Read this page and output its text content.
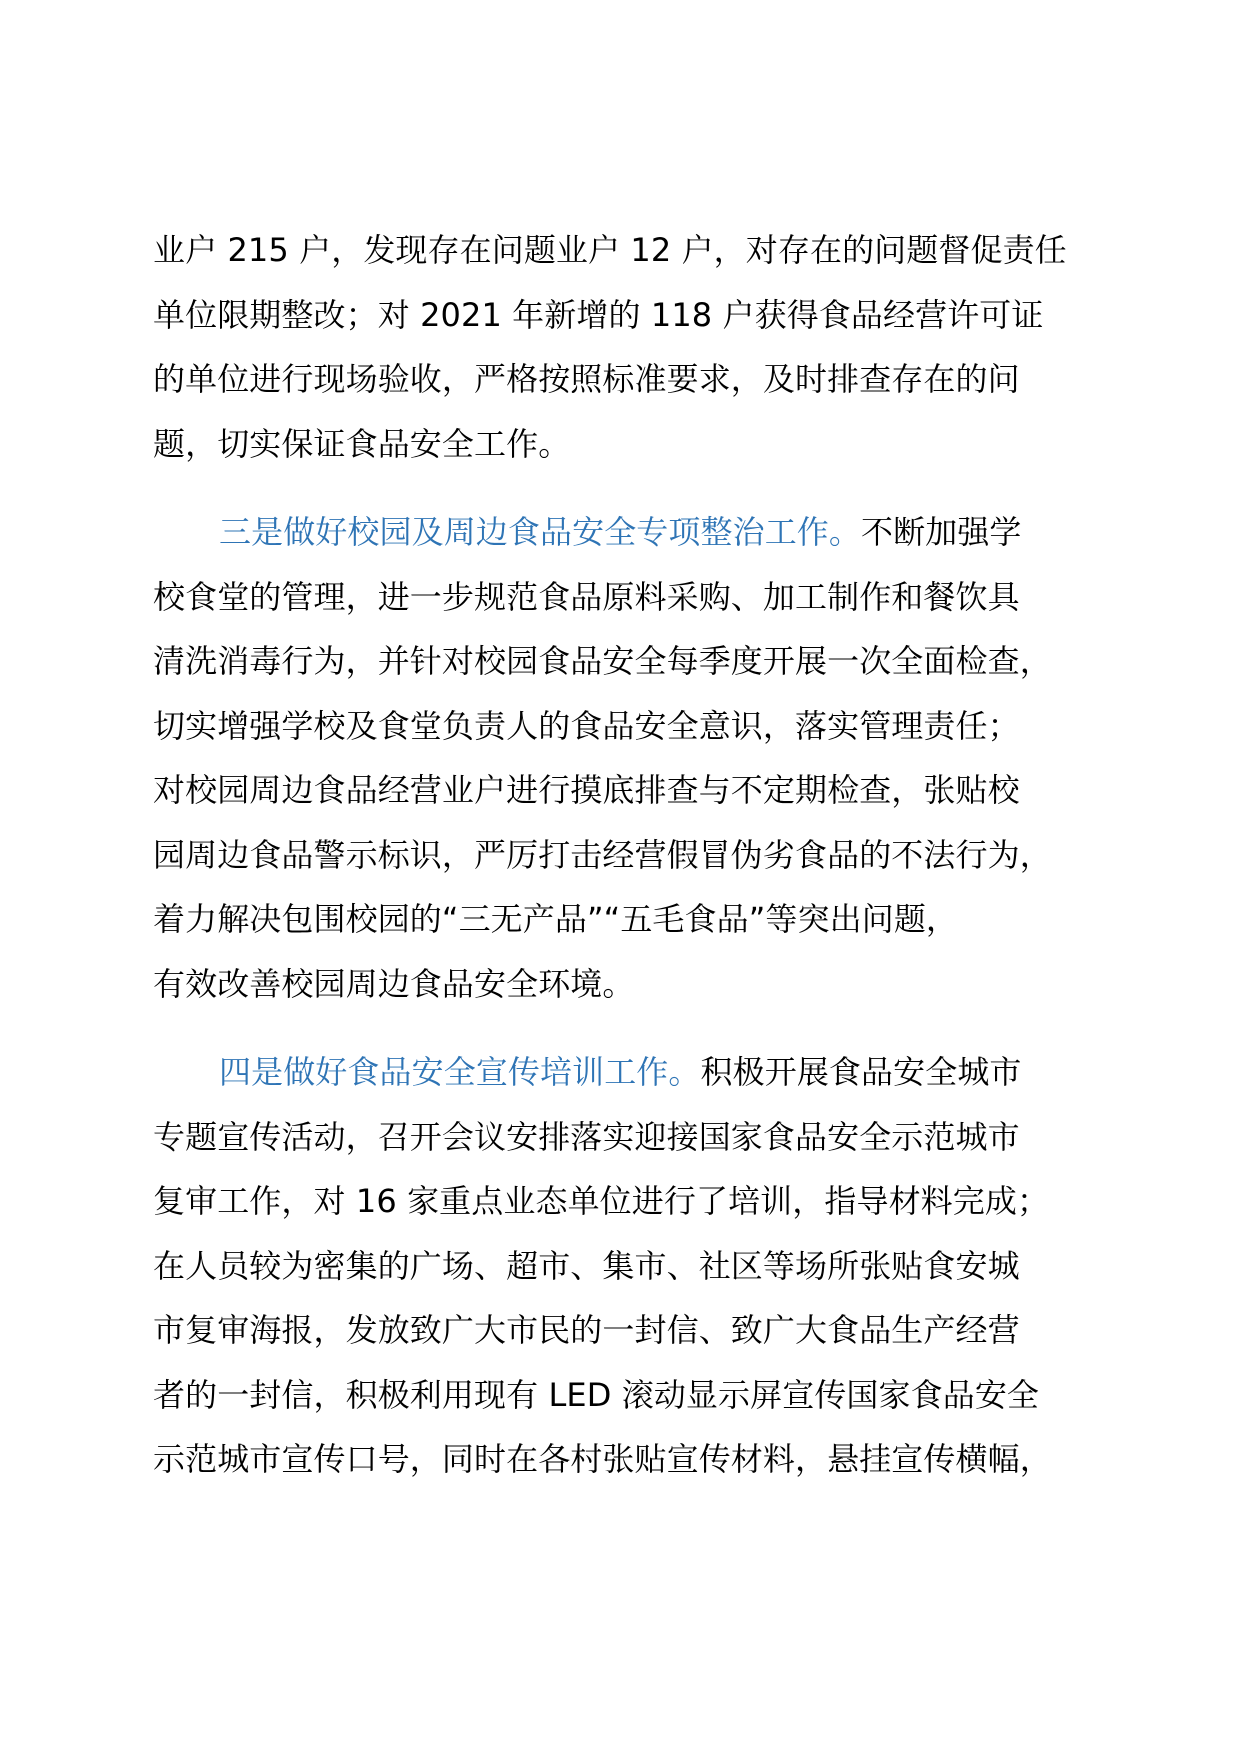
业户 215 户，发现存在问题业户 12 户，对存在的问题督促责任
单位限期整改；对 2021 年新增的 118 户获得食品经营许可证
的单位进行现场验收，严格按照标准要求，及时排查存在的问
题，切实保证食品安全工作。
三是做好校园及周边食品安全专项整治工作。不断加强学
校食堂的管理，进一步规范食品原料采购、加工制作和餐饮具
清洗消毒行为，并针对校园食品安全每季度开展一次全面检查，
切实增强学校及食堂负责人的食品安全意识，落实管理责任；
对校园周边食品经营业户进行摸底排查与不定期检查，张贴校
园周边食品警示标识，严厉打击经营假冒伪劣食品的不法行为，
着力解决包围校园的“三无产品”“五毛食品”等突出问题，
有效改善校园周边食品安全环境。
四是做好食品安全宣传培训工作。积极开展食品安全城市
专题宣传活动，召开会议安排落实迎接国家食品安全示范城市
复审工作，对 16 家重点业态单位进行了培训，指导材料完成；
在人员较为密集的广场、超市、集市、社区等场所张贴食安城
市复审海报，发放致广大市民的一封信、致广大食品生产经营
者的一封信，积极利用现有 LED 滚动显示屏宣传国家食品安全
示范城市宣传口号，同时在各村张贴宣传材料，悬挂宣传横幅，
